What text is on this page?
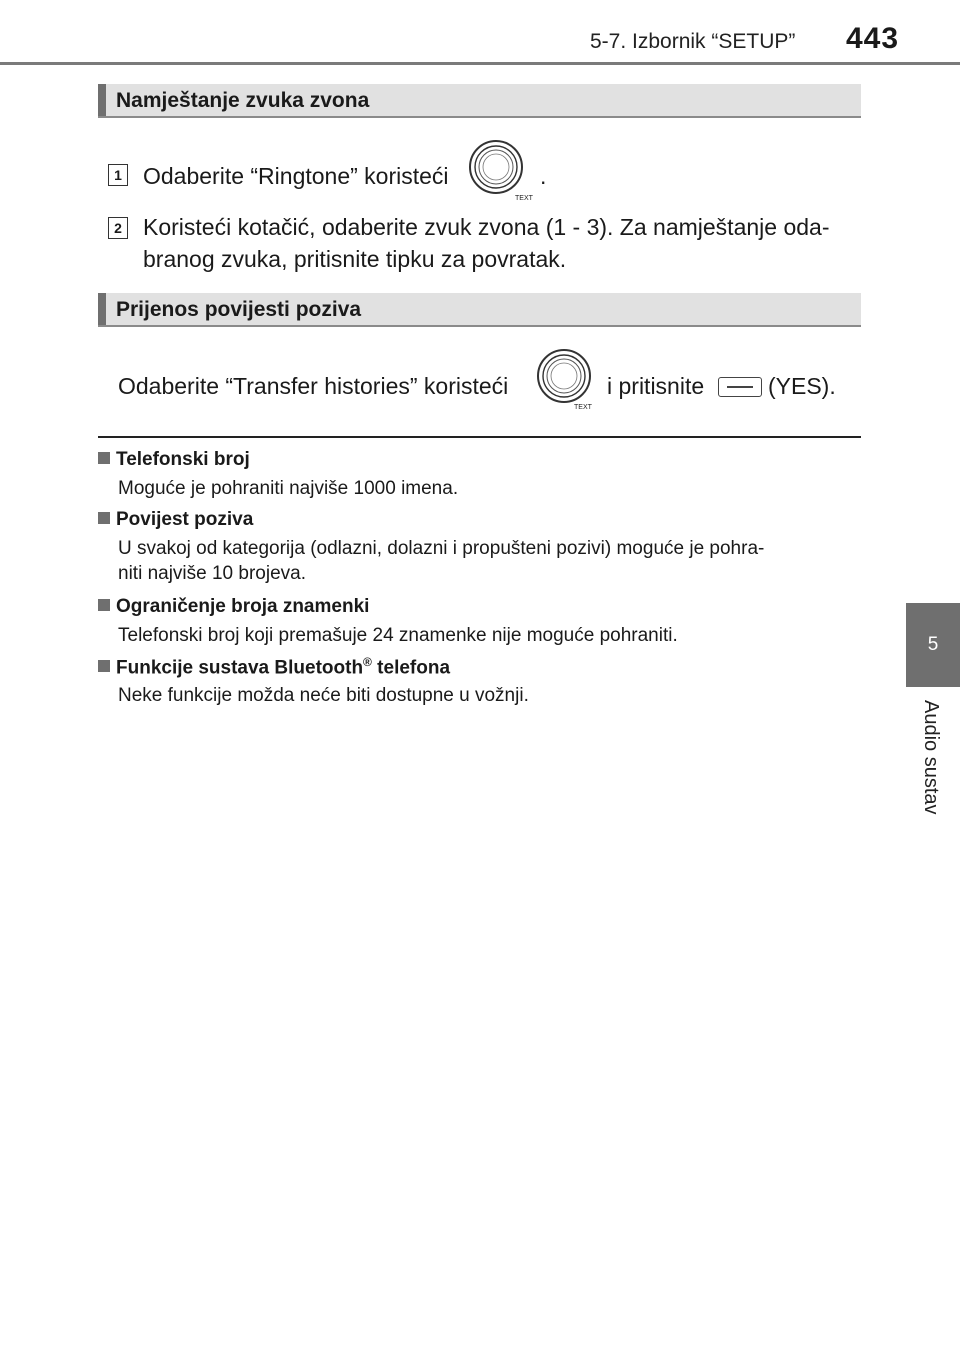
5-7. Izbornik “SETUP” 443
5
Audio sustav
Namještanje zvuka zvona
1 Odaberite “Ringtone” koristeći
TEXT
.
2 Koristeći kotačić, odaberite zvuk zvona (1 - 3). Za namještanje oda-
branog zvuka, pritisnite tipku za povratak.
Prijenos povijesti poziva
Odaberite “Transfer histories” koristeći
TEXT
i pritisnite	(YES).
Telefonski broj
Moguće je pohraniti najviše 1000 imena.
Povijest poziva
U svakoj od kategorija (odlazni, dolazni i propušteni pozivi) moguće je pohra-
niti najviše 10 brojeva.
Ograničenje broja znamenki
Telefonski broj koji premašuje 24 znamenke nije moguće pohraniti.
Funkcije sustava Bluetooth® telefona
Neke funkcije možda neće biti dostupne u vožnji.
